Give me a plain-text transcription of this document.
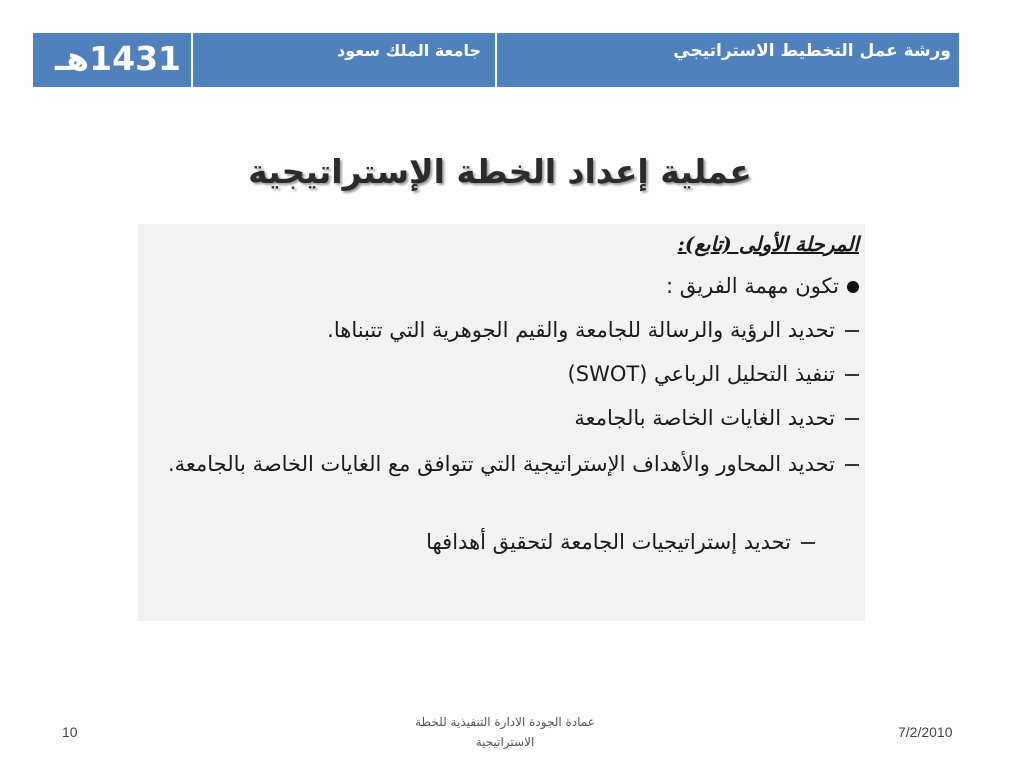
1431هـ	جامعة الملك سعود	ورشة عمل التخطيط الاستراتيجي
عملية إعداد الخطة الإستراتيجية
المرحلة الأولى (تابع):
تكون مهمة الفريق :
تحديد الرؤية والرسالة للجامعة والقيم الجوهرية التي تتبناها.
تنفيذ التحليل الرباعي (SWOT)
تحديد الغايات الخاصة بالجامعة
تحديد المحاور والأهداف الإستراتيجية التي تتوافق مع الغايات الخاصة بالجامعة.
تحديد إستراتيجيات الجامعة لتحقيق أهدافها
7/2/2010
عمادة الجودة الادارة التنفيذية للخطة
الاستراتيجية
10
